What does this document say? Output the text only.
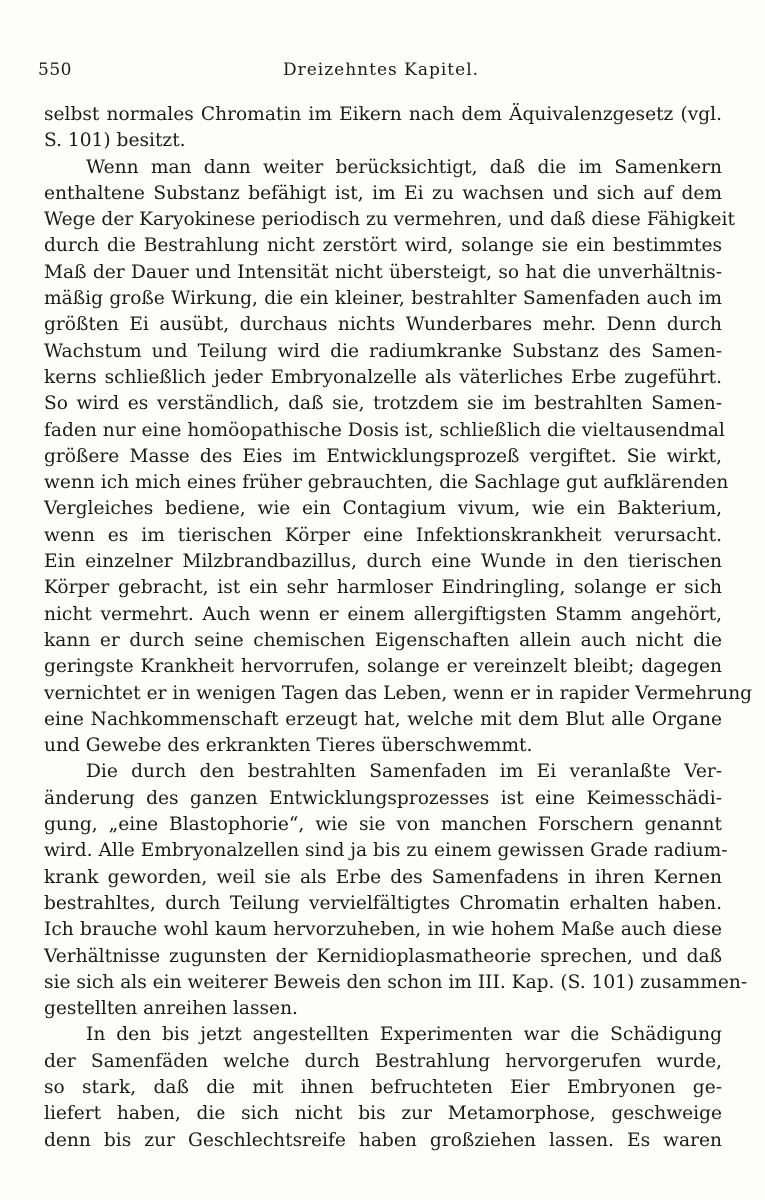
550	Dreizehntes Kapitel.
selbst normales Chromatin im Eikern nach dem Äquivalenzgesetz (vgl.
S. 101) besitzt.
Wenn man dann weiter berücksichtigt, daß die im Samenkern
enthaltene Substanz befähigt ist, im Ei zu wachsen und sich auf dem
Wege der Karyokinese periodisch zu vermehren, und daß diese Fähigkeit
durch die Bestrahlung nicht zerstört wird, solange sie ein bestimmtes
Maß der Dauer und Intensität nicht übersteigt, so hat die unverhältnis-
mäßig große Wirkung, die ein kleiner, bestrahlter Samenfaden auch im
größten Ei ausübt, durchaus nichts Wunderbares mehr. Denn durch
Wachstum und Teilung wird die radiumkranke Substanz des Samen-
kerns schließlich jeder Embryonalzelle als väterliches Erbe zugeführt.
So wird es verständlich, daß sie, trotzdem sie im bestrahlten Samen-
faden nur eine homöopathische Dosis ist, schließlich die vieltausendmal
größere Masse des Eies im Entwicklungsprozeß vergiftet. Sie wirkt,
wenn ich mich eines früher gebrauchten, die Sachlage gut aufklärenden
Vergleiches bediene, wie ein Contagium vivum, wie ein Bakterium,
wenn es im tierischen Körper eine Infektionskrankheit verursacht.
Ein einzelner Milzbrandbazillus, durch eine Wunde in den tierischen
Körper gebracht, ist ein sehr harmloser Eindringling, solange er sich
nicht vermehrt. Auch wenn er einem allergiftigsten Stamm angehört,
kann er durch seine chemischen Eigenschaften allein auch nicht die
geringste Krankheit hervorrufen, solange er vereinzelt bleibt; dagegen
vernichtet er in wenigen Tagen das Leben, wenn er in rapider Vermehrung
eine Nachkommenschaft erzeugt hat, welche mit dem Blut alle Organe
und Gewebe des erkrankten Tieres überschwemmt.
Die durch den bestrahlten Samenfaden im Ei veranlaßte Ver-
änderung des ganzen Entwicklungsprozesses ist eine Keimesschädi-
gung, „eine Blastophorie“, wie sie von manchen Forschern genannt
wird. Alle Embryonalzellen sind ja bis zu einem gewissen Grade radium-
krank geworden, weil sie als Erbe des Samenfadens in ihren Kernen
bestrahltes, durch Teilung vervielfältigtes Chromatin erhalten haben.
Ich brauche wohl kaum hervorzuheben, in wie hohem Maße auch diese
Verhältnisse zugunsten der Kernidioplasmatheorie sprechen, und daß
sie sich als ein weiterer Beweis den schon im III. Kap. (S. 101) zusammen-
gestellten anreihen lassen.
In den bis jetzt angestellten Experimenten war die Schädigung
der Samenfäden welche durch Bestrahlung hervorgerufen wurde,
so stark, daß die mit ihnen befruchteten Eier Embryonen ge-
liefert haben, die sich nicht bis zur Metamorphose, geschweige
denn bis zur Geschlechtsreife haben großziehen lassen. Es waren
